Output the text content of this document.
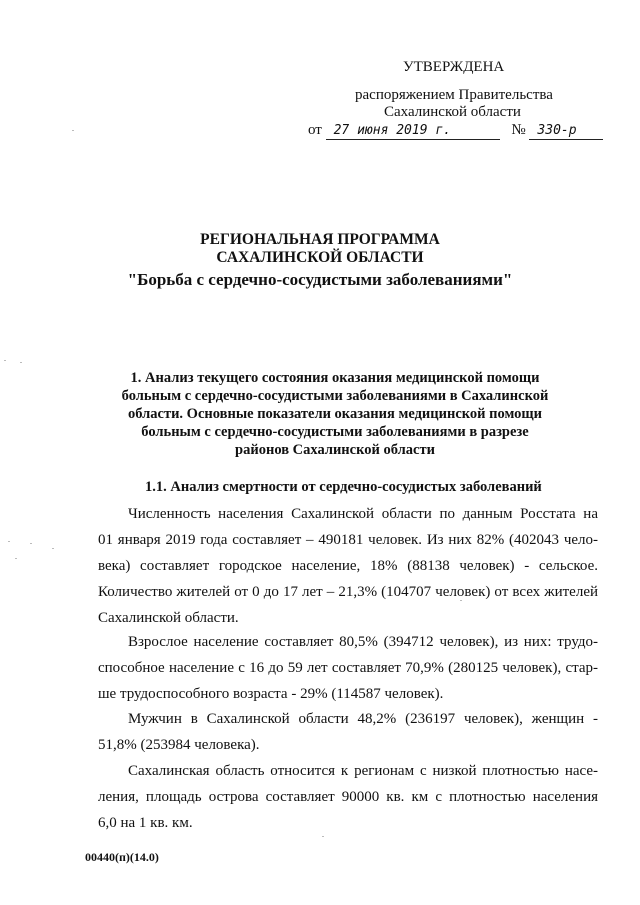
УТВЕРЖДЕНА
распоряжением Правительства
Сахалинской области
от 27 июня 2019 г.	№ 330-р
РЕГИОНАЛЬНАЯ ПРОГРАММА
САХАЛИНСКОЙ ОБЛАСТИ
"Борьба с сердечно-сосудистыми заболеваниями"
1. Анализ текущего состояния оказания медицинской помощи
больным с сердечно-сосудистыми заболеваниями в Сахалинской
области. Основные показатели оказания медицинской помощи
больным с сердечно-сосудистыми заболеваниями в разрезе
районов Сахалинской области
1.1. Анализ смертности от сердечно-сосудистых заболеваний
Численность населения Сахалинской области по данным Росстата на
01 января 2019 года составляет – 490181 человек. Из них 82% (402043 чело-
века) составляет городское население, 18% (88138 человек) - сельское.
Количество жителей от 0 до 17 лет – 21,3% (104707 человек) от всех жителей
Сахалинской области.
Взрослое население составляет 80,5% (394712 человек), из них: трудо-
способное население с 16 до 59 лет составляет 70,9% (280125 человек), стар-
ше трудоспособного возраста - 29% (114587 человек).
Мужчин в Сахалинской области 48,2% (236197 человек), женщин -
51,8% (253984 человека).
Сахалинская область относится к регионам с низкой плотностью насе-
ления, площадь острова составляет 90000 кв. км с плотностью населения
6,0 на 1 кв. км.
00440(п)(14.0)
